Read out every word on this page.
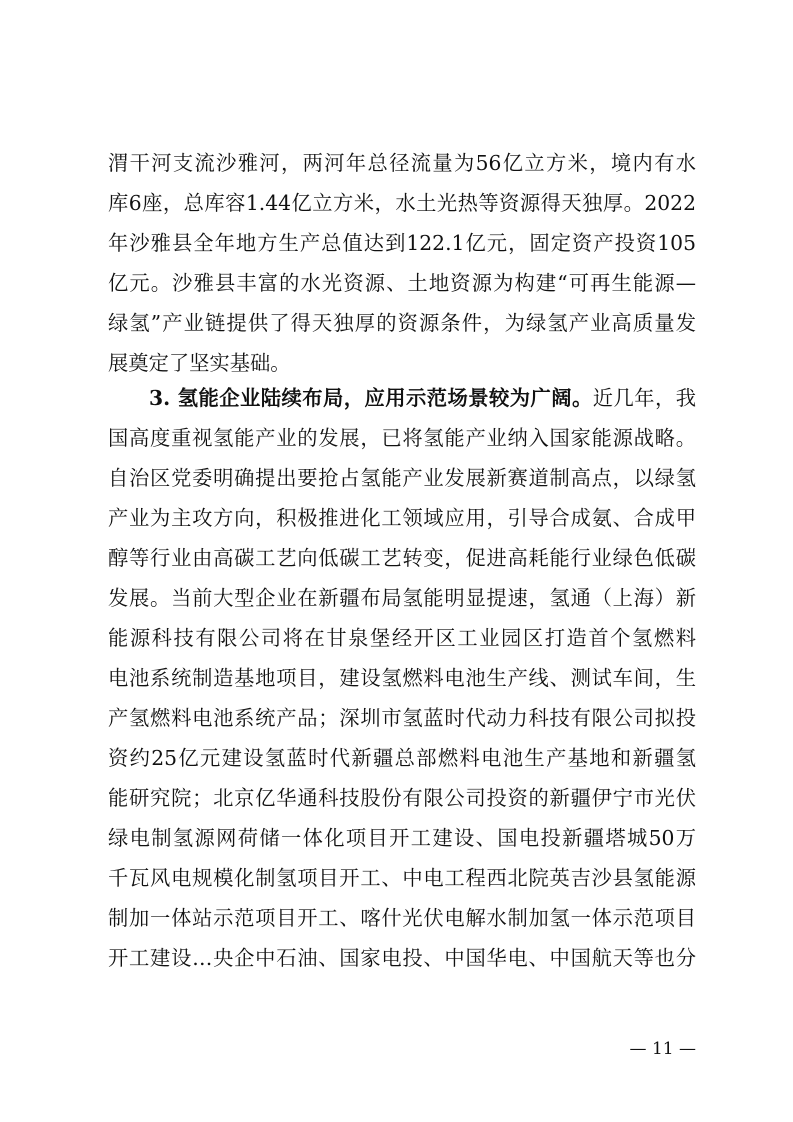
渭干河支流沙雅河，两河年总径流量为56亿立方米，境内有水
库6座，总库容1.44亿立方米，水土光热等资源得天独厚。2022
年沙雅县全年地方生产总值达到122.1亿元，固定资产投资105
亿元。沙雅县丰富的水光资源、土地资源为构建“可再生能源—
绿氢”产业链提供了得天独厚的资源条件，为绿氢产业高质量发
展奠定了坚实基础。
3. 氢能企业陆续布局，应用示范场景较为广阔。近几年，我
国高度重视氢能产业的发展，已将氢能产业纳入国家能源战略。
自治区党委明确提出要抢占氢能产业发展新赛道制高点，以绿氢
产业为主攻方向，积极推进化工领域应用，引导合成氨、合成甲
醇等行业由高碳工艺向低碳工艺转变，促进高耗能行业绿色低碳
发展。当前大型企业在新疆布局氢能明显提速，氢通（上海）新
能源科技有限公司将在甘泉堡经开区工业园区打造首个氢燃料
电池系统制造基地项目，建设氢燃料电池生产线、测试车间，生
产氢燃料电池系统产品；深圳市氢蓝时代动力科技有限公司拟投
资约25亿元建设氢蓝时代新疆总部燃料电池生产基地和新疆氢
能研究院；北京亿华通科技股份有限公司投资的新疆伊宁市光伏
绿电制氢源网荷储一体化项目开工建设、国电投新疆塔城50万
千瓦风电规模化制氢项目开工、中电工程西北院英吉沙县氢能源
制加一体站示范项目开工、喀什光伏电解水制加氢一体示范项目
开工建设…央企中石油、国家电投、中国华电、中国航天等也分
— 11 —
